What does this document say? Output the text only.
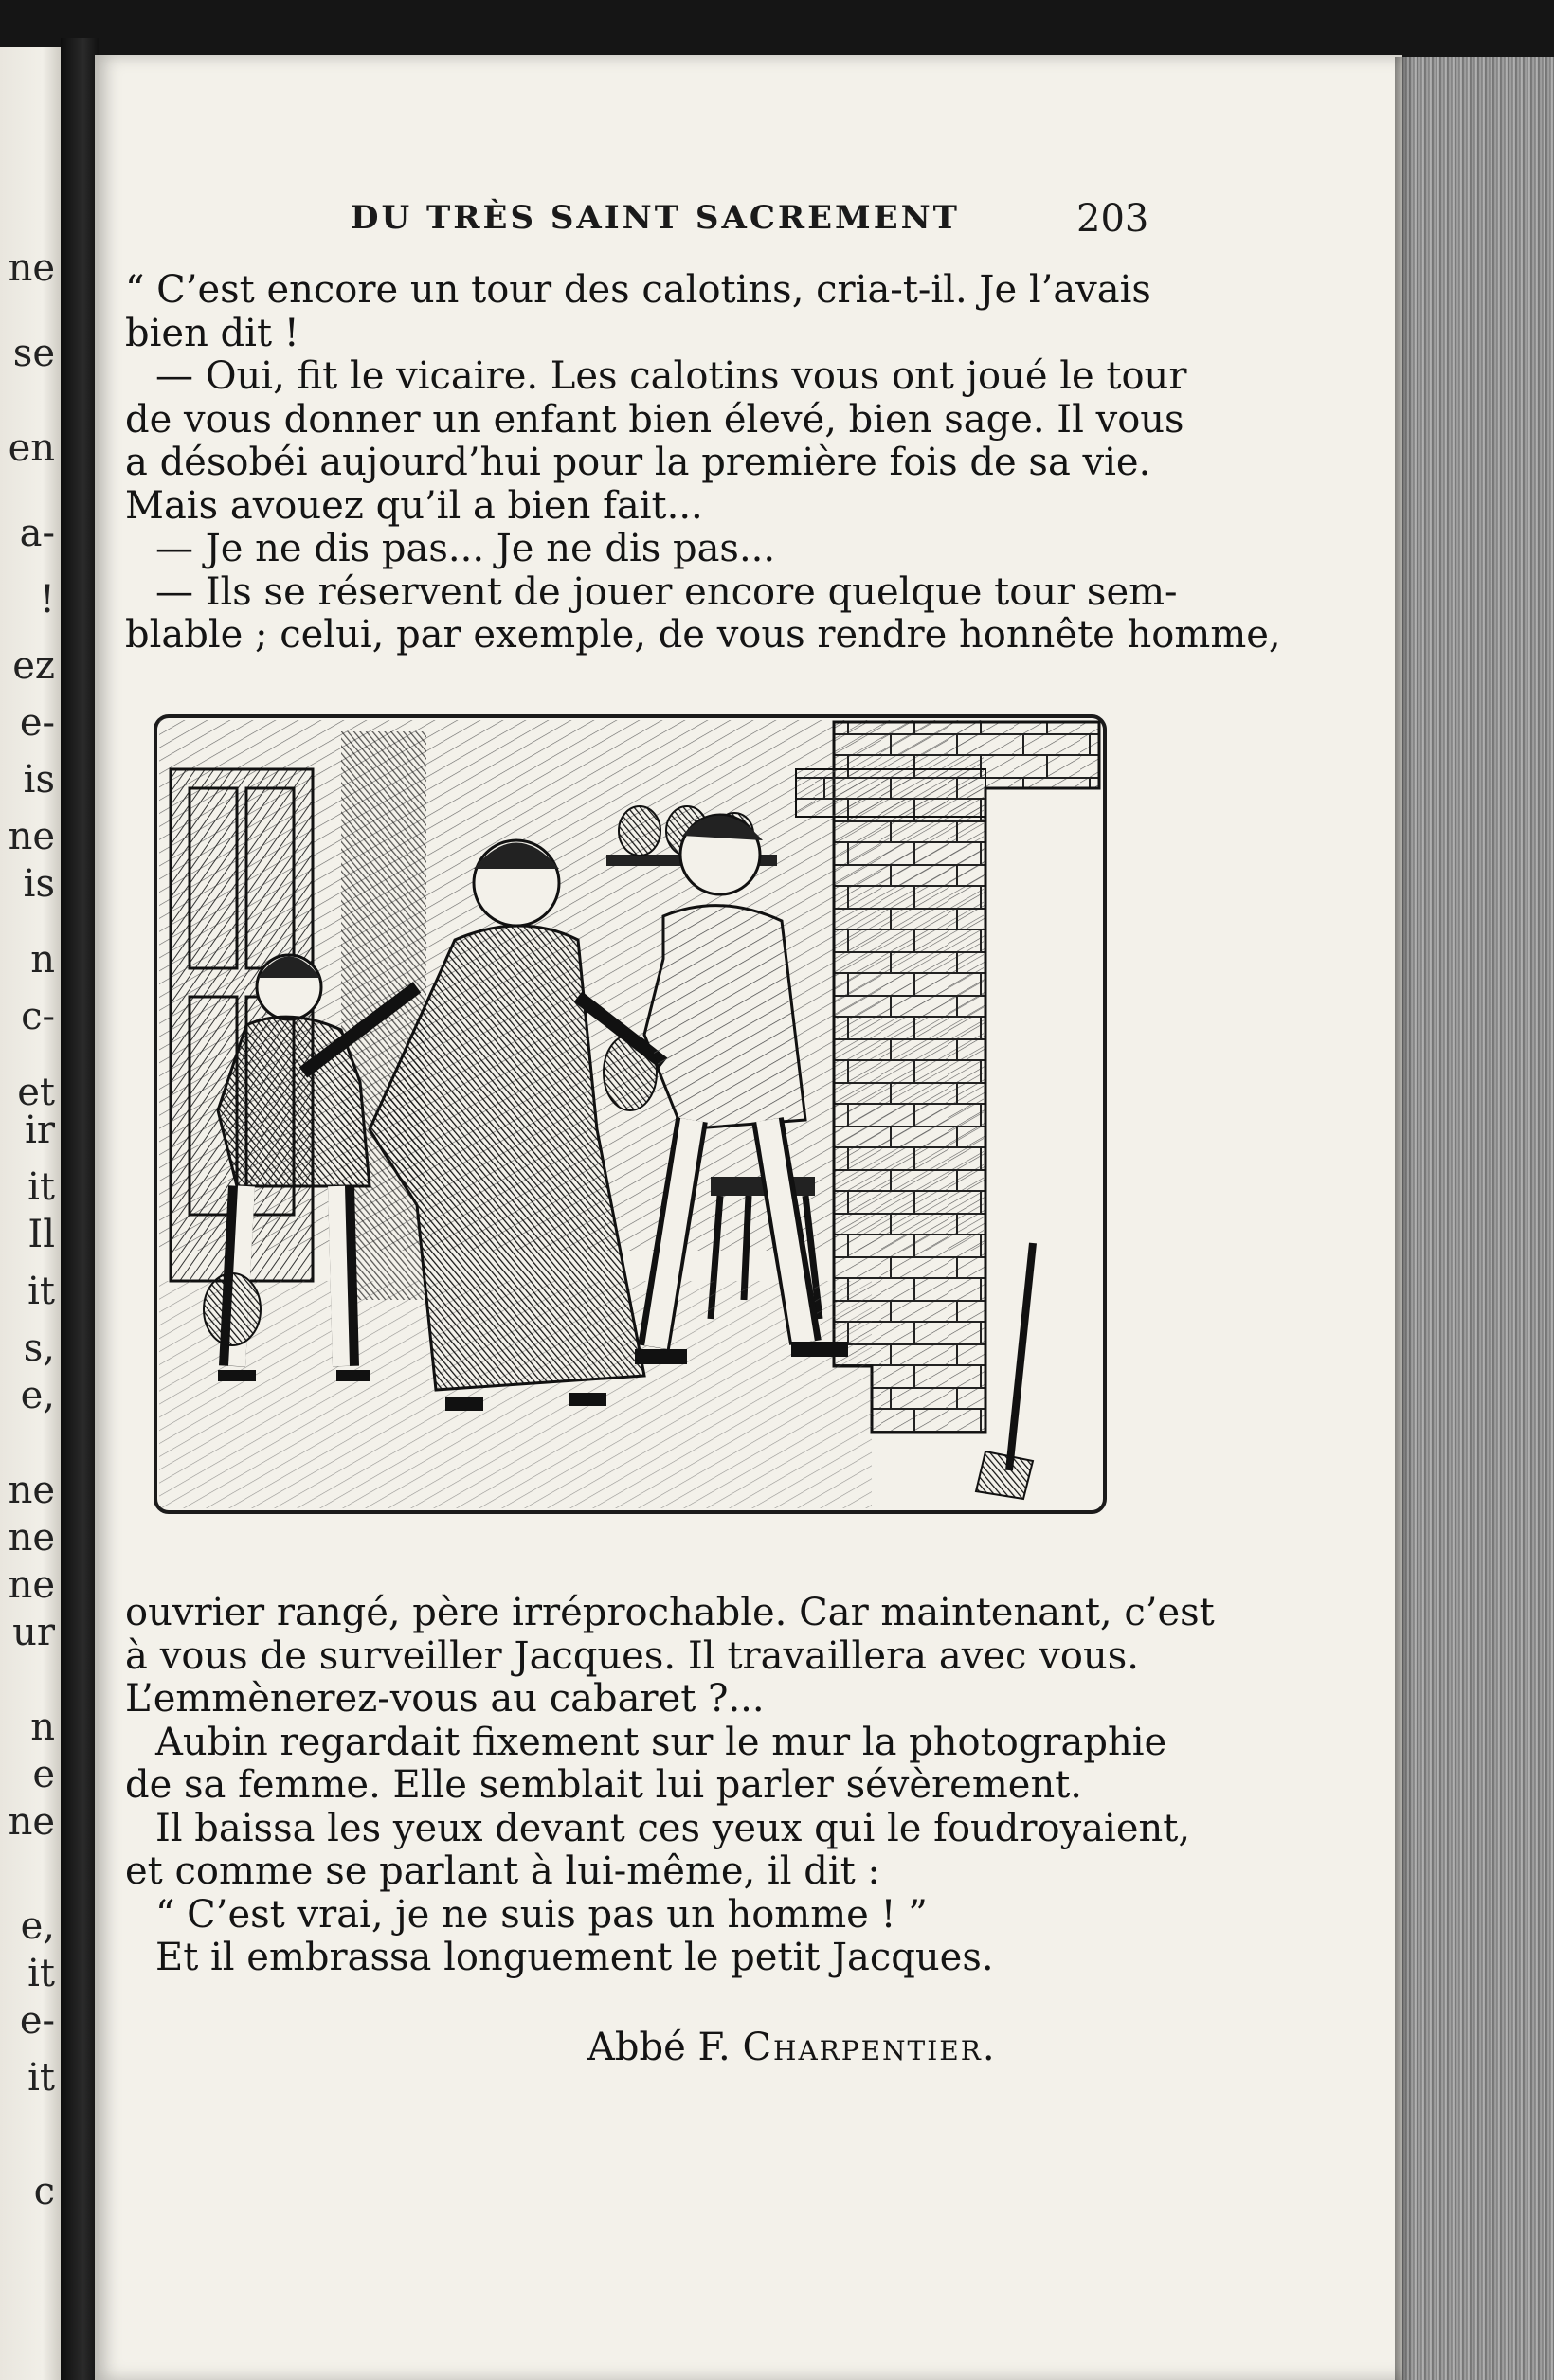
ne
se
en
a-
!
ez
e-
is
ne
is
n
c-
et
ir
it
Il
it
s,
e,
ne
ne
ne
ur
n
e
ne
e,
it
e-
it
c
DU TRÈS SAINT SACREMENT	203
“ C’est encore un tour des calotins, cria-t-il. Je l’avais
bien dit !
— Oui, fit le vicaire. Les calotins vous ont joué le tour
de vous donner un enfant bien élevé, bien sage. Il vous
a désobéi aujourd’hui pour la première fois de sa vie.
Mais avouez qu’il a bien fait...
— Je ne dis pas... Je ne dis pas...
— Ils se réservent de jouer encore quelque tour sem-
blable ; celui, par exemple, de vous rendre honnête homme,
ouvrier rangé, père irréprochable. Car maintenant, c’est
à vous de surveiller Jacques. Il travaillera avec vous.
L’emmènerez-vous au cabaret ?...
Aubin regardait fixement sur le mur la photographie
de sa femme. Elle semblait lui parler sévèrement.
Il baissa les yeux devant ces yeux qui le foudroyaient,
et comme se parlant à lui-même, il dit :
“ C’est vrai, je ne suis pas un homme ! ”
Et il embrassa longuement le petit Jacques.
Abbé F. Charpentier.
